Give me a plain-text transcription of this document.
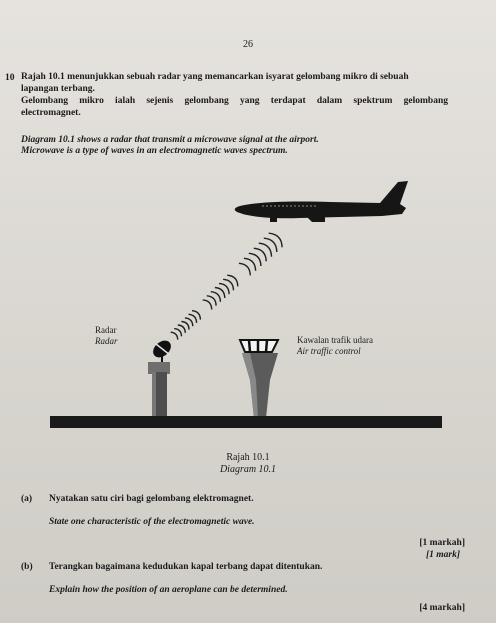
26
10 Rajah 10.1 menunjukkan sebuah radar yang memancarkan isyarat gelombang mikro di sebuah
lapangan terbang.
Gelombang mikro ialah sejenis gelombang yang terdapat dalam spektrum gelombang
electromagnet.
Diagram 10.1 shows a radar that transmit a microwave signal at the airport.
Microwave is a type of waves in an electromagnetic waves spectrum.
Radar
Radar	Kawalan trafik udara
Air traffic control
Rajah 10.1
Diagram 10.1
(a) Nyatakan satu ciri bagi gelombang elektromagnet.
State one characteristic of the electromagnetic wave.
[1 markah]
[1 mark]
(b) Terangkan bagaimana kedudukan kapal terbang dapat ditentukan.
Explain how the position of an aeroplane can be determined.
[4 markah]
